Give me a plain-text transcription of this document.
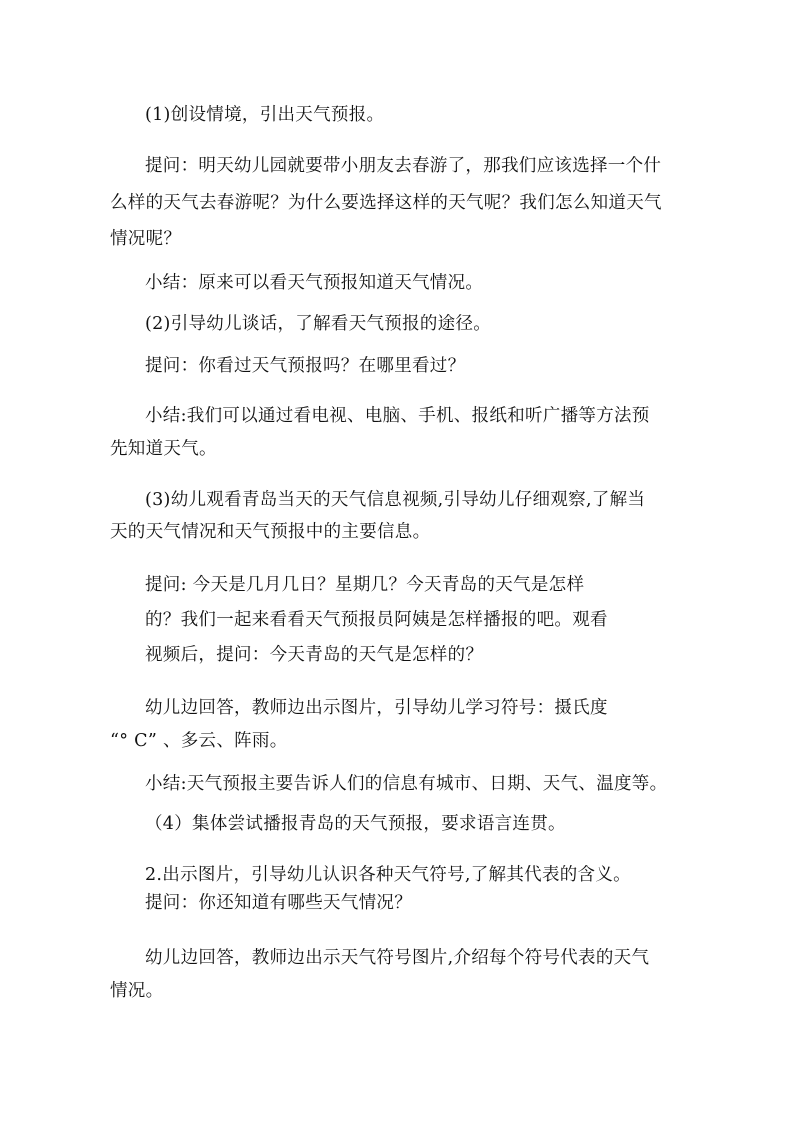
(1)创设情境，引出天气预报。
提问：明天幼儿园就要带小朋友去春游了，那我们应该选择一个什
么样的天气去春游呢？为什么要选择这样的天气呢？我们怎么知道天气
情况呢？
小结：原来可以看天气预报知道天气情况。
(2)引导幼儿谈话，了解看天气预报的途径。
提问：你看过天气预报吗？在哪里看过？
小结:我们可以通过看电视、电脑、手机、报纸和听广播等方法预
先知道天气。
(3)幼儿观看青岛当天的天气信息视频,引导幼儿仔细观察,了解当
天的天气情况和天气预报中的主要信息。
提问: 今天是几月几日？星期几？今天青岛的天气是怎样
的？我们一起来看看天气预报员阿姨是怎样播报的吧。观看
视频后，提问：今天青岛的天气是怎样的？
幼儿边回答，教师边出示图片，引导幼儿学习符号：摄氏度
“° C” 、多云、阵雨。
小结:天气预报主要告诉人们的信息有城市、日期、天气、温度等。
（4）集体尝试播报青岛的天气预报，要求语言连贯。
2.出示图片，引导幼儿认识各种天气符号,了解其代表的含义。
提问：你还知道有哪些天气情况？
幼儿边回答，教师边出示天气符号图片,介绍每个符号代表的天气
情况。
